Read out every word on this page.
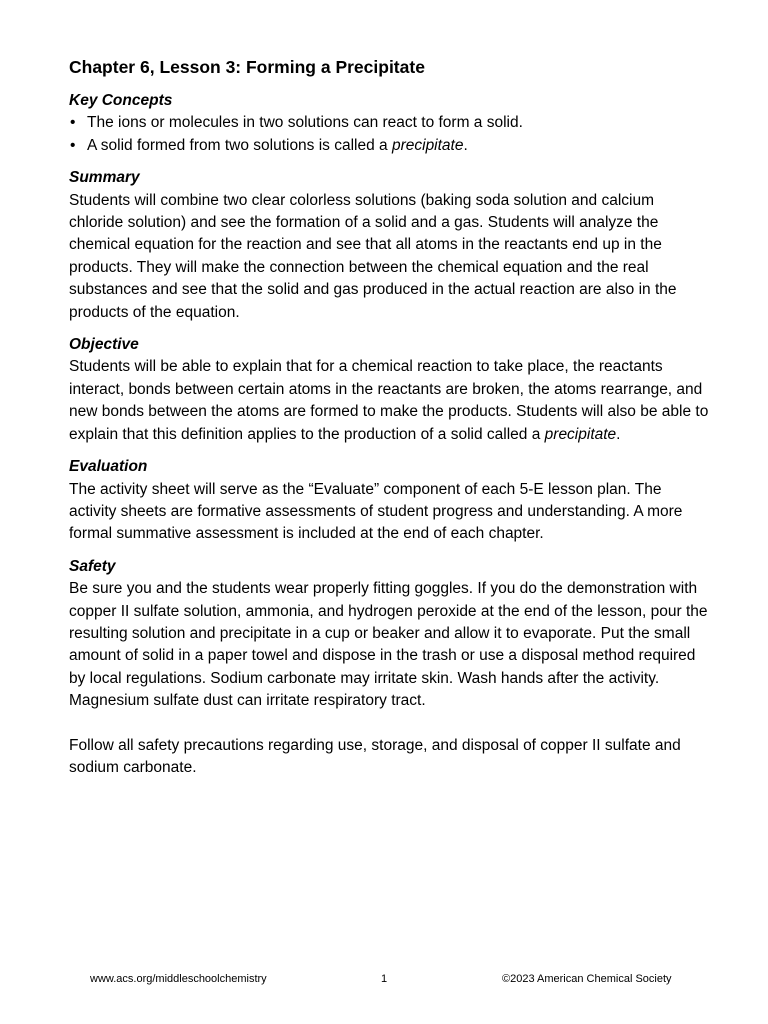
Chapter 6, Lesson 3: Forming a Precipitate

Key Concepts

• The ions or molecules in two solutions can react to form a solid.
• A solid formed from two solutions is called a precipitate.

Summary

Students will combine two clear colorless solutions (baking soda solution and calcium chloride solution) and see the formation of a solid and a gas. Students will analyze the chemical equation for the reaction and see that all atoms in the reactants end up in the products. They will make the connection between the chemical equation and the real substances and see that the solid and gas produced in the actual reaction are also in the products of the equation.

Objective

Students will be able to explain that for a chemical reaction to take place, the reactants interact, bonds between certain atoms in the reactants are broken, the atoms rearrange, and new bonds between the atoms are formed to make the products. Students will also be able to explain that this definition applies to the production of a solid called a precipitate.

Evaluation

The activity sheet will serve as the “Evaluate” component of each 5-E lesson plan. The activity sheets are formative assessments of student progress and understanding. A more formal summative assessment is included at the end of each chapter.

Safety

Be sure you and the students wear properly fitting goggles. If you do the demonstration with copper II sulfate solution, ammonia, and hydrogen peroxide at the end of the lesson, pour the resulting solution and precipitate in a cup or beaker and allow it to evaporate. Put the small amount of solid in a paper towel and dispose in the trash or use a disposal method required by local regulations. Sodium carbonate may irritate skin. Wash hands after the activity. Magnesium sulfate dust can irritate respiratory tract.

Follow all safety precautions regarding use, storage, and disposal of copper II sulfate and sodium carbonate.

www.acs.org/middleschoolchemistry	1	©2023 American Chemical Society
